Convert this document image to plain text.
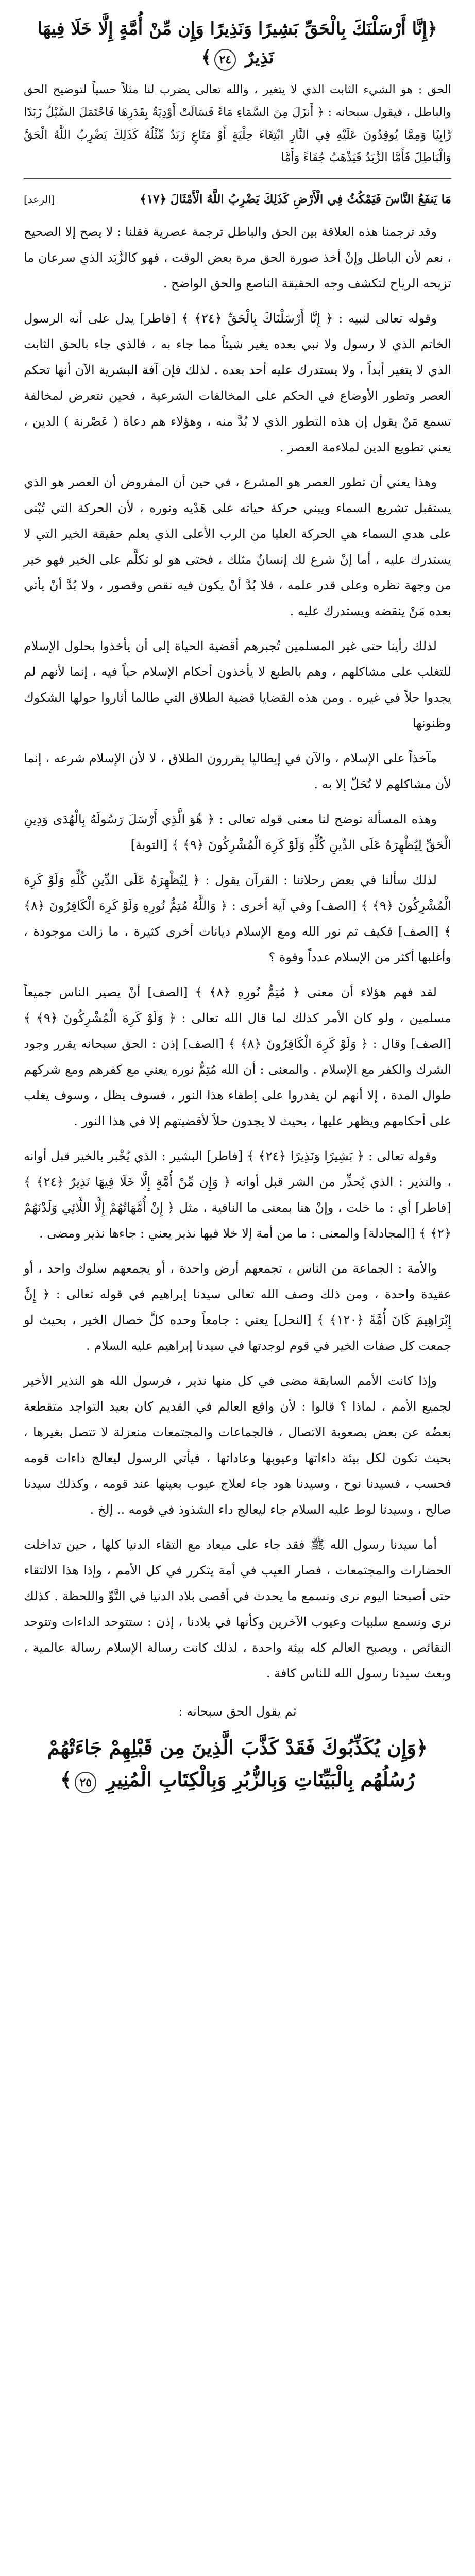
﴿إِنَّا أَرْسَلْنَكَ بِالْحَقِّ بَشِيرًا وَنَذِيرًا وَإِن مِّنْ أُمَّةٍ إِلَّا خَلَا فِيهَا نَذِيرٌ ٢٤﴾
الحق : هو الشيء الثابت الذي لا يتغير ، والله تعالى يضرب لنا مثلاً حسياً لتوضيح الحق والباطل ، فيقول سبحانه : ﴿ أَنزَلَ مِنَ السَّمَاءِ مَاءً فَسَالَتْ أَوْدِيَةٌ بِقَدَرِهَا فَاحْتَمَلَ السَّيْلُ زَبَدًا رَّابِيًا وَمِمَّا يُوقِدُونَ عَلَيْهِ فِي النَّارِ ابْتِغَاءَ حِلْيَةٍ أَوْ مَتَاعٍ زَبَدٌ مِّثْلُهُ كَذَلِكَ يَضْرِبُ اللَّهُ الْحَقَّ وَالْبَاطِلَ فَأَمَّا الزَّبَدُ فَيَذْهَبُ جُفَاءً وَأَمَّا
مَا يَنفَعُ النَّاسَ فَيَمْكُثُ فِي الْأَرْضِ كَذَلِكَ يَضْرِبُ اللَّهُ الْأَمْثَالَ ﴿١٧﴾
[الرعد]

وقد ترجمنا هذه العلاقة بين الحق والباطل ترجمة عصرية فقلنا : لا يصح إلا الصحيح ، نعم لأن الباطل وإنْ أخذ صورة الحق مرة بعض الوقت ، فهو كالزَّبَد الذي سرعان ما تزيحه الرياح لتكشف وجه الحقيقة الناصع والحق الواضح .

وقوله تعالى لنبيه : ﴿ إِنَّا أَرْسَلْنَاكَ بِالْحَقِّ ﴿٢٤﴾ ﴾ [فاطر] يدل على أنه الرسول الخاتم الذي لا رسول ولا نبي بعده يغير شيئاً مما جاء به ، فالذي جاء بالحق الثابت الذي لا يتغير أبداً ، ولا يستدرك عليه أحد بعده . لذلك فإن آفة البشرية الآن أنها تحكم العصر وتطور الأوضاع في الحكم على المخالفات الشرعية ، فحين نتعرض لمخالفة تسمع مَنْ يقول إن هذه التطور الذي لا بُدَّ منه ، وهؤلاء هم دعاة ( عَصْرنة ) الدين ، يعني تطويع الدين لملاءمة العصر .

وهذا يعني أن تطور العصر هو المشرع ، في حين أن المفروض أن العصر هو الذي يستقبل تشريع السماء ويبني حركة حياته على هَدْيه ونوره ، لأن الحركة التي تُبْنى على هدي السماء هي الحركة العليا من الرب الأعلى الذي يعلم حقيقة الخير التي لا يستدرك عليه ، أما إنْ شرع لك إنسانٌ مثلك ، فحتى هو لو تكلَّم على الخير فهو خير من وجهة نظره وعلى قدر علمه ، فلا بُدَّ أنْ يكون فيه نقص وقصور ، ولا بُدَّ أنْ يأتي بعده مَنْ ينقضه ويستدرك عليه .

لذلك رأينا حتى غير المسلمين تُجبرهم أقضية الحياة إلى أن يأخذوا بحلول الإسلام للتغلب على مشاكلهم ، وهم بالطبع لا يأخذون أحكام الإسلام حباً فيه ، إنما لأنهم لم يجدوا حلاً في غيره . ومن هذه القضايا قضية الطلاق التي طالما أثاروا حولها الشكوك وظنونها

مآخذاً على الإسلام ، والآن في إيطاليا يقررون الطلاق ، لا لأن الإسلام شرعه ، إنما لأن مشاكلهم لا تُحَلّ إلا به .

وهذه المسألة توضح لنا معنى قوله تعالى : ﴿ هُوَ الَّذِي أَرْسَلَ رَسُولَهُ بِالْهُدَى وَدِينِ الْحَقِّ لِيُظْهِرَهُ عَلَى الدِّينِ كُلِّهِ وَلَوْ كَرِهَ الْمُشْرِكُونَ ﴿٩﴾ ﴾ [التوبة]

لذلك سألنا في بعض رحلاتنا : القرآن يقول : ﴿ لِيُظْهِرَهُ عَلَى الدِّينِ كُلِّهِ وَلَوْ كَرِهَ الْمُشْرِكُونَ ﴿٩﴾ ﴾ [الصف] وفي آية أخرى : ﴿ وَاللَّهُ مُتِمُّ نُورِهِ وَلَوْ كَرِهَ الْكَافِرُونَ ﴿٨﴾ ﴾ [الصف] فكيف تم نور الله ومع الإسلام ديانات أخرى كثيرة ، ما زالت موجودة ، وأغلبها أكثر من الإسلام عدداً وقوة ؟

لقد فهم هؤلاء أن معنى ﴿ مُتِمُّ نُورِهِ ﴿٨﴾ ﴾ [الصف] أنْ يصير الناس جميعاً مسلمين ، ولو كان الأمر كذلك لما قال الله تعالى : ﴿ وَلَوْ كَرِهَ الْمُشْرِكُونَ ﴿٩﴾ ﴾ [الصف] وقال : ﴿ وَلَوْ كَرِهَ الْكَافِرُونَ ﴿٨﴾ ﴾ [الصف] إذن : الحق سبحانه يقرر وجود الشرك والكفر مع الإسلام . والمعنى : أن الله مُتِمُّ نوره يعني مع كفرهم ومع شركهم طوال المدة ، إلا أنهم لن يقدروا على إطفاء هذا النور ، فسوف يظل ، وسوف يغلب على أحكامهم ويظهر عليها ، بحيث لا يجدون حلاً لأقضيتهم إلا في هذا النور .

وقوله تعالى : ﴿ بَشِيرًا وَنَذِيرًا ﴿٢٤﴾ ﴾ [فاطر] البشير : الذي يُخْبر بالخير قبل أوانه ، والنذير : الذي يُحذِّر من الشر قبل أوانه ﴿ وَإِن مِّنْ أُمَّةٍ إِلَّا خَلَا فِيهَا نَذِيرٌ ﴿٢٤﴾ ﴾ [فاطر] أي : ما خلت ، وإنْ هنا بمعنى ما النافية ، مثل ﴿ إِنْ أُمَّهَاتُهُمْ إِلَّا اللَّائِي وَلَدْنَهُمْ ﴿٢﴾ ﴾ [المجادلة] والمعنى : ما من أمة إلا خلا فيها نذير يعني : جاءها نذير ومضى .

والأمة : الجماعة من الناس ، تجمعهم أرض واحدة ، أو يجمعهم سلوك واحد ، أو عقيدة واحدة ، ومن ذلك وصف الله تعالى سيدنا إبراهيم في قوله تعالى : ﴿ إِنَّ إِبْرَاهِيمَ كَانَ أُمَّةً ﴿١٢٠﴾ ﴾ [النحل] يعني : جامعاً وحده كلَّ خصال الخير ، بحيث لو جمعت كل صفات الخير في قوم لوجدتها في سيدنا إبراهيم عليه السلام .

وإذا كانت الأمم السابقة مضى في كل منها نذير ، فرسول الله هو النذير الأخير لجميع الأمم ، لماذا ؟ قالوا : لأن واقع العالم في القديم كان بعيد التواجد متقطعة بعضُه عن بعض بصعوبة الاتصال ، فالجماعات والمجتمعات منعزلة لا تتصل بغيرها ، بحيث تكون لكل بيئة داءاتها وعيوبها وعاداتها ، فيأتي الرسول ليعالج داءات قومه فحسب ، فسيدنا نوح ، وسيدنا هود جاء لعلاج عيوب بعينها عند قومه ، وكذلك سيدنا صالح ، وسيدنا لوط عليه السلام جاء ليعالج داء الشذوذ في قومه .. إلخ .

أما سيدنا رسول الله ﷺ فقد جاء على ميعاد مع التقاء الدنيا كلها ، حين تداخلت الحضارات والمجتمعات ، فصار العيب في أمة يتكرر في كل الأمم ، وإذا هذا الالتقاء حتى أصبحنا اليوم نرى ونسمع ما يحدث في أقصى بلاد الدنيا في التَّوِّ واللحظة . كذلك نرى ونسمع سلبيات وعيوب الآخرين وكأنها في بلادنا ، إذن : ستتوحد الداءات وتتوحد النقائص ، ويصبح العالم كله بيئة واحدة ، لذلك كانت رسالة الإسلام رسالة عالمية ، وبعث سيدنا رسول الله للناس كافة .

ثم يقول الحق سبحانه :
﴿وَإِن يُكَذِّبُوكَ فَقَدْ كَذَّبَ الَّذِينَ مِن قَبْلِهِمْ جَاءَتْهُمْ رُسُلُهُم بِالْبَيِّنَاتِ وَبِالزُّبُرِ وَبِالْكِتَابِ الْمُنِيرِ ٢٥﴾
